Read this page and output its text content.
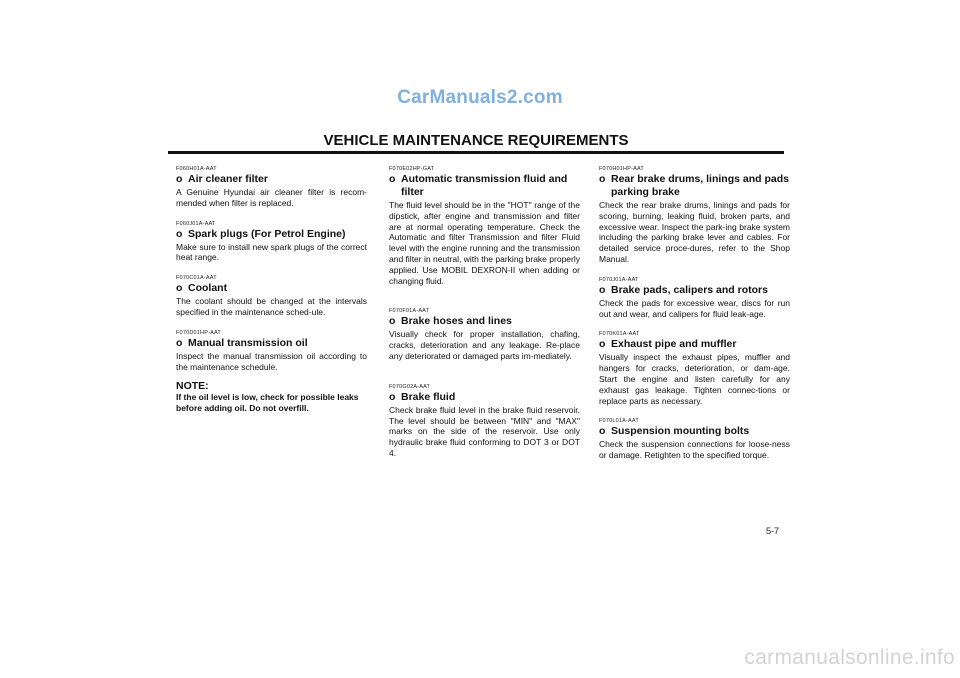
CarManuals2.com
VEHICLE MAINTENANCE REQUIREMENTS
F060H01A-AAT
o Air cleaner filter
A Genuine Hyundai air cleaner filter is recom-mended when filter is replaced.
F060J01A-AAT
o Spark plugs (For Petrol Engine)
Make sure to install new spark plugs of the correct heat range.
F070C01A-AAT
o Coolant
The coolant should be changed at the intervals specified in the maintenance sched-ule.
F070D01HP-AAT
o Manual transmission oil
Inspect the manual transmission oil according to the maintenance schedule.
NOTE:
If the oil level is low, check for possible leaks before adding oil. Do not overfill.
F070E02HP-GAT
o Automatic transmission fluid and filter
The fluid level should be in the "HOT" range of the dipstick, after engine and transmission and filter are at normal operating temperature. Check the Automatic and filter Transmission and filter Fluid level with the engine running and the transmission and filter in neutral, with the parking brake properly applied. Use MOBIL DEXRON-II when adding or changing fluid.
F070F01A-AAT
o Brake hoses and lines
Visually check for proper installation, chafing, cracks, deterioration and any leakage. Re-place any deteriorated or damaged parts im-mediately.
F070G02A-AAT
o Brake fluid
Check brake fluid level in the brake fluid reservoir. The level should be between "MIN" and "MAX" marks on the side of the reservoir. Use only hydraulic brake fluid conforming to DOT 3 or DOT 4.
F070H01HP-AAT
o Rear brake drums, linings and pads parking brake
Check the rear brake drums, linings and pads for scoring, burning, leaking fluid, broken parts, and excessive wear. Inspect the park-ing brake system including the parking brake lever and cables. For detailed service proce-dures, refer to the Shop Manual.
F070J01A-AAT
o Brake pads, calipers and rotors
Check the pads for excessive wear, discs for run out and wear, and calipers for fluid leak-age.
F070K01A-AAT
o Exhaust pipe and muffler
Visually inspect the exhaust pipes, muffler and hangers for cracks, deterioration, or dam-age. Start the engine and listen carefully for any exhaust gas leakage. Tighten connec-tions or replace parts as necessary.
F070L01A-AAT
o Suspension mounting bolts
Check the suspension connections for loose-ness or damage. Retighten to the specified torque.
5-7
carmanualsonline.info
